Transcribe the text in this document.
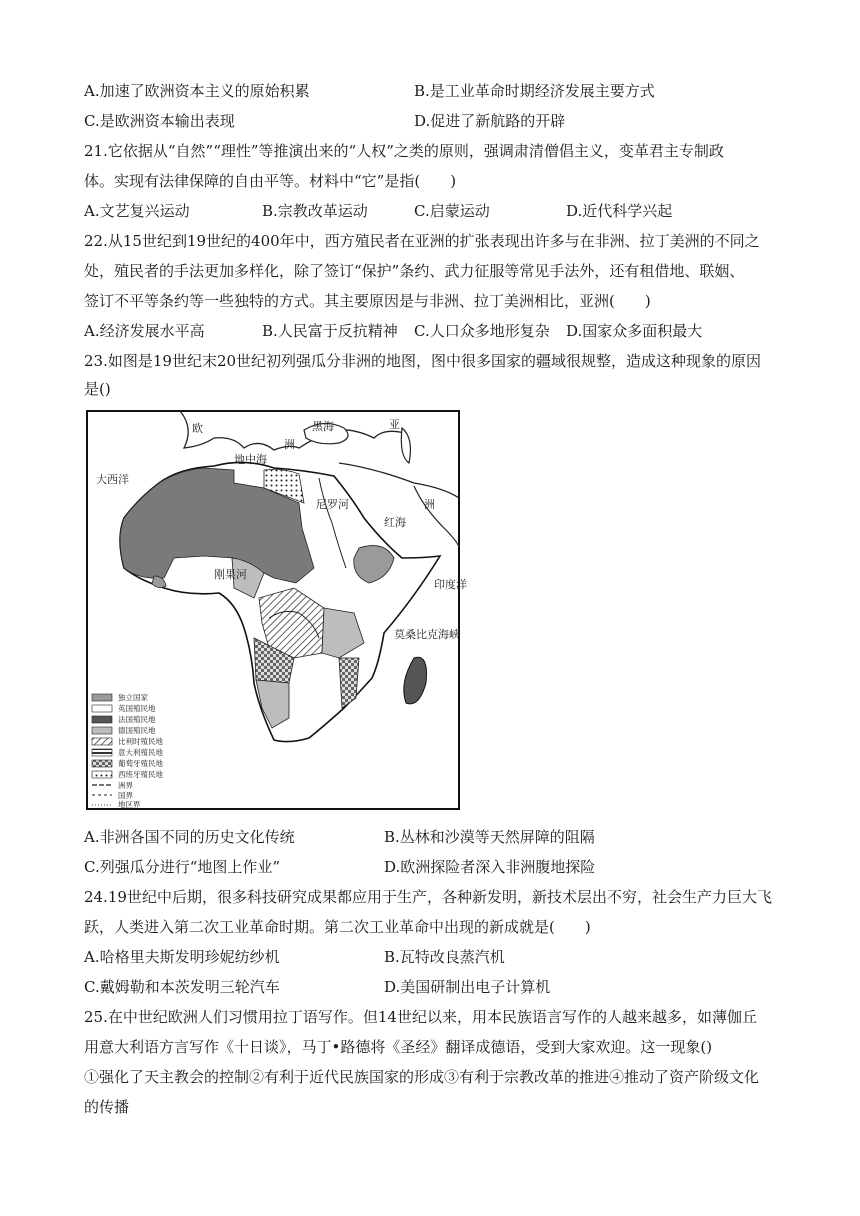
A.加速了欧洲资本主义的原始积累	B.是工业革命时期经济发展主要方式
C.是欧洲资本输出表现	D.促进了新航路的开辟
21.它依据从“自然”“理性”等推演出来的“人权”之类的原则，强调肃清僧倡主义，变革君主专制政
体。实现有法律保障的自由平等。材料中“它”是指(　　)
A.文艺复兴运动	B.宗教改革运动	C.启蒙运动	D.近代科学兴起
22.从15世纪到19世纪的400年中，西方殖民者在亚洲的扩张表现出许多与在非洲、拉丁美洲的不同之
处，殖民者的手法更加多样化，除了签订“保护”条约、武力征服等常见手法外，还有租借地、联姻、
签订不平等条约等一些独特的方式。其主要原因是与非洲、拉丁美洲相比，亚洲(　　)
A.经济发展水平高	B.人民富于反抗精神 C.人口众多地形复杂 D.国家众多面积最大
23.如图是19世纪末20世纪初列强瓜分非洲的地图，图中很多国家的疆域很规整，造成这种现象的原因
是()
欧
洲
黑海	亚
地中海
大西洋
尼罗河
红海
洲
刚果河
印度洋
莫桑比克海峡
独立国家
英国殖民地
法国殖民地
德国殖民地
比利时殖民地
意大利殖民地
葡萄牙殖民地
西班牙殖民地
洲界
国界
地区界
A.非洲各国不同的历史文化传统	B.丛林和沙漠等天然屏障的阻隔
C.列强瓜分进行“地图上作业”	D.欧洲探险者深入非洲腹地探险
24.19世纪中后期，很多科技研究成果都应用于生产，各种新发明，新技术层出不穷，社会生产力巨大飞
跃，人类进入第二次工业革命时期。第二次工业革命中出现的新成就是(　　)
A.哈格里夫斯发明珍妮纺纱机	B.瓦特改良蒸汽机
C.戴姆勒和本茨发明三轮汽车	D.美国研制出电子计算机
25.在中世纪欧洲人们习惯用拉丁语写作。但14世纪以来，用本民族语言写作的人越来越多，如薄伽丘
用意大利语方言写作《十日谈》，马丁•路德将《圣经》翻译成德语，受到大家欢迎。这一现象()
①强化了天主教会的控制②有利于近代民族国家的形成③有利于宗教改革的推进④推动了资产阶级文化
的传播
